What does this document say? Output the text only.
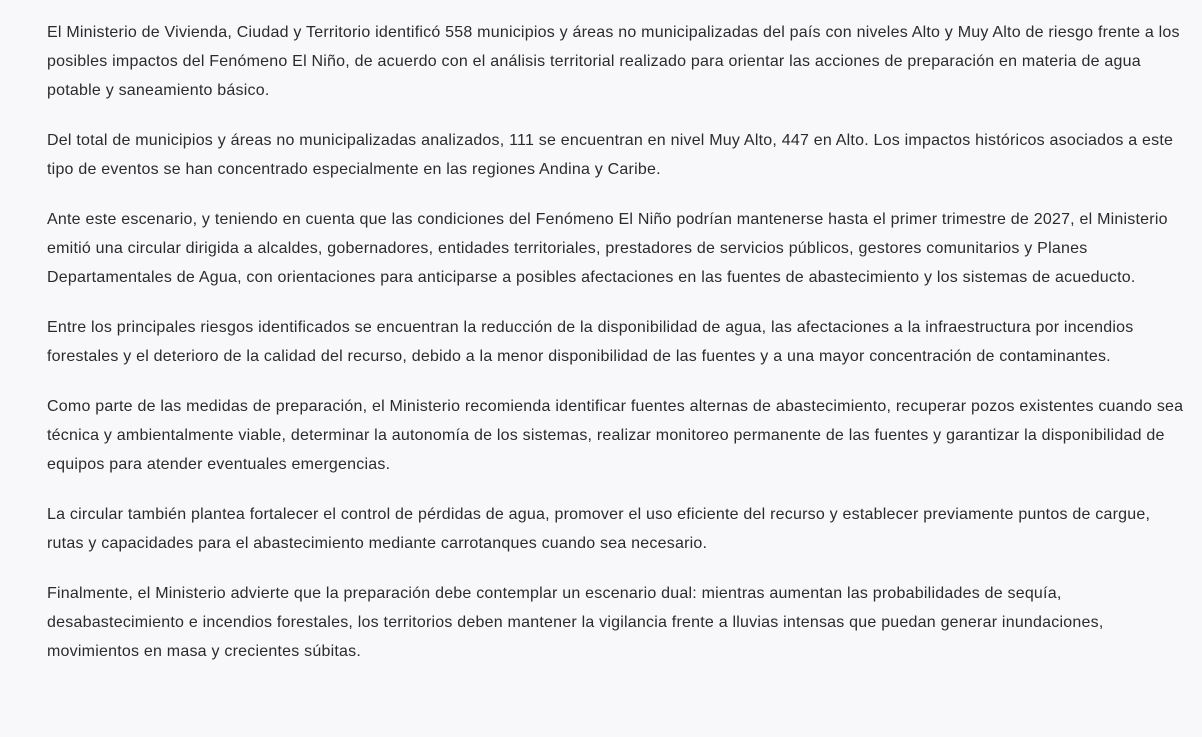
El Ministerio de Vivienda, Ciudad y Territorio identificó 558 municipios y áreas no municipalizadas del país con niveles Alto y Muy Alto de riesgo frente a los posibles impactos del Fenómeno El Niño, de acuerdo con el análisis territorial realizado para orientar las acciones de preparación en materia de agua potable y saneamiento básico.

Del total de municipios y áreas no municipalizadas analizados, 111 se encuentran en nivel Muy Alto, 447 en Alto. Los impactos históricos asociados a este tipo de eventos se han concentrado especialmente en las regiones Andina y Caribe.

Ante este escenario, y teniendo en cuenta que las condiciones del Fenómeno El Niño podrían mantenerse hasta el primer trimestre de 2027, el Ministerio emitió una circular dirigida a alcaldes, gobernadores, entidades territoriales, prestadores de servicios públicos, gestores comunitarios y Planes Departamentales de Agua, con orientaciones para anticiparse a posibles afectaciones en las fuentes de abastecimiento y los sistemas de acueducto.

Entre los principales riesgos identificados se encuentran la reducción de la disponibilidad de agua, las afectaciones a la infraestructura por incendios forestales y el deterioro de la calidad del recurso, debido a la menor disponibilidad de las fuentes y a una mayor concentración de contaminantes.

Como parte de las medidas de preparación, el Ministerio recomienda identificar fuentes alternas de abastecimiento, recuperar pozos existentes cuando sea técnica y ambientalmente viable, determinar la autonomía de los sistemas, realizar monitoreo permanente de las fuentes y garantizar la disponibilidad de equipos para atender eventuales emergencias.

La circular también plantea fortalecer el control de pérdidas de agua, promover el uso eficiente del recurso y establecer previamente puntos de cargue, rutas y capacidades para el abastecimiento mediante carrotanques cuando sea necesario.

Finalmente, el Ministerio advierte que la preparación debe contemplar un escenario dual: mientras aumentan las probabilidades de sequía, desabastecimiento e incendios forestales, los territorios deben mantener la vigilancia frente a lluvias intensas que puedan generar inundaciones, movimientos en masa y crecientes súbitas.
